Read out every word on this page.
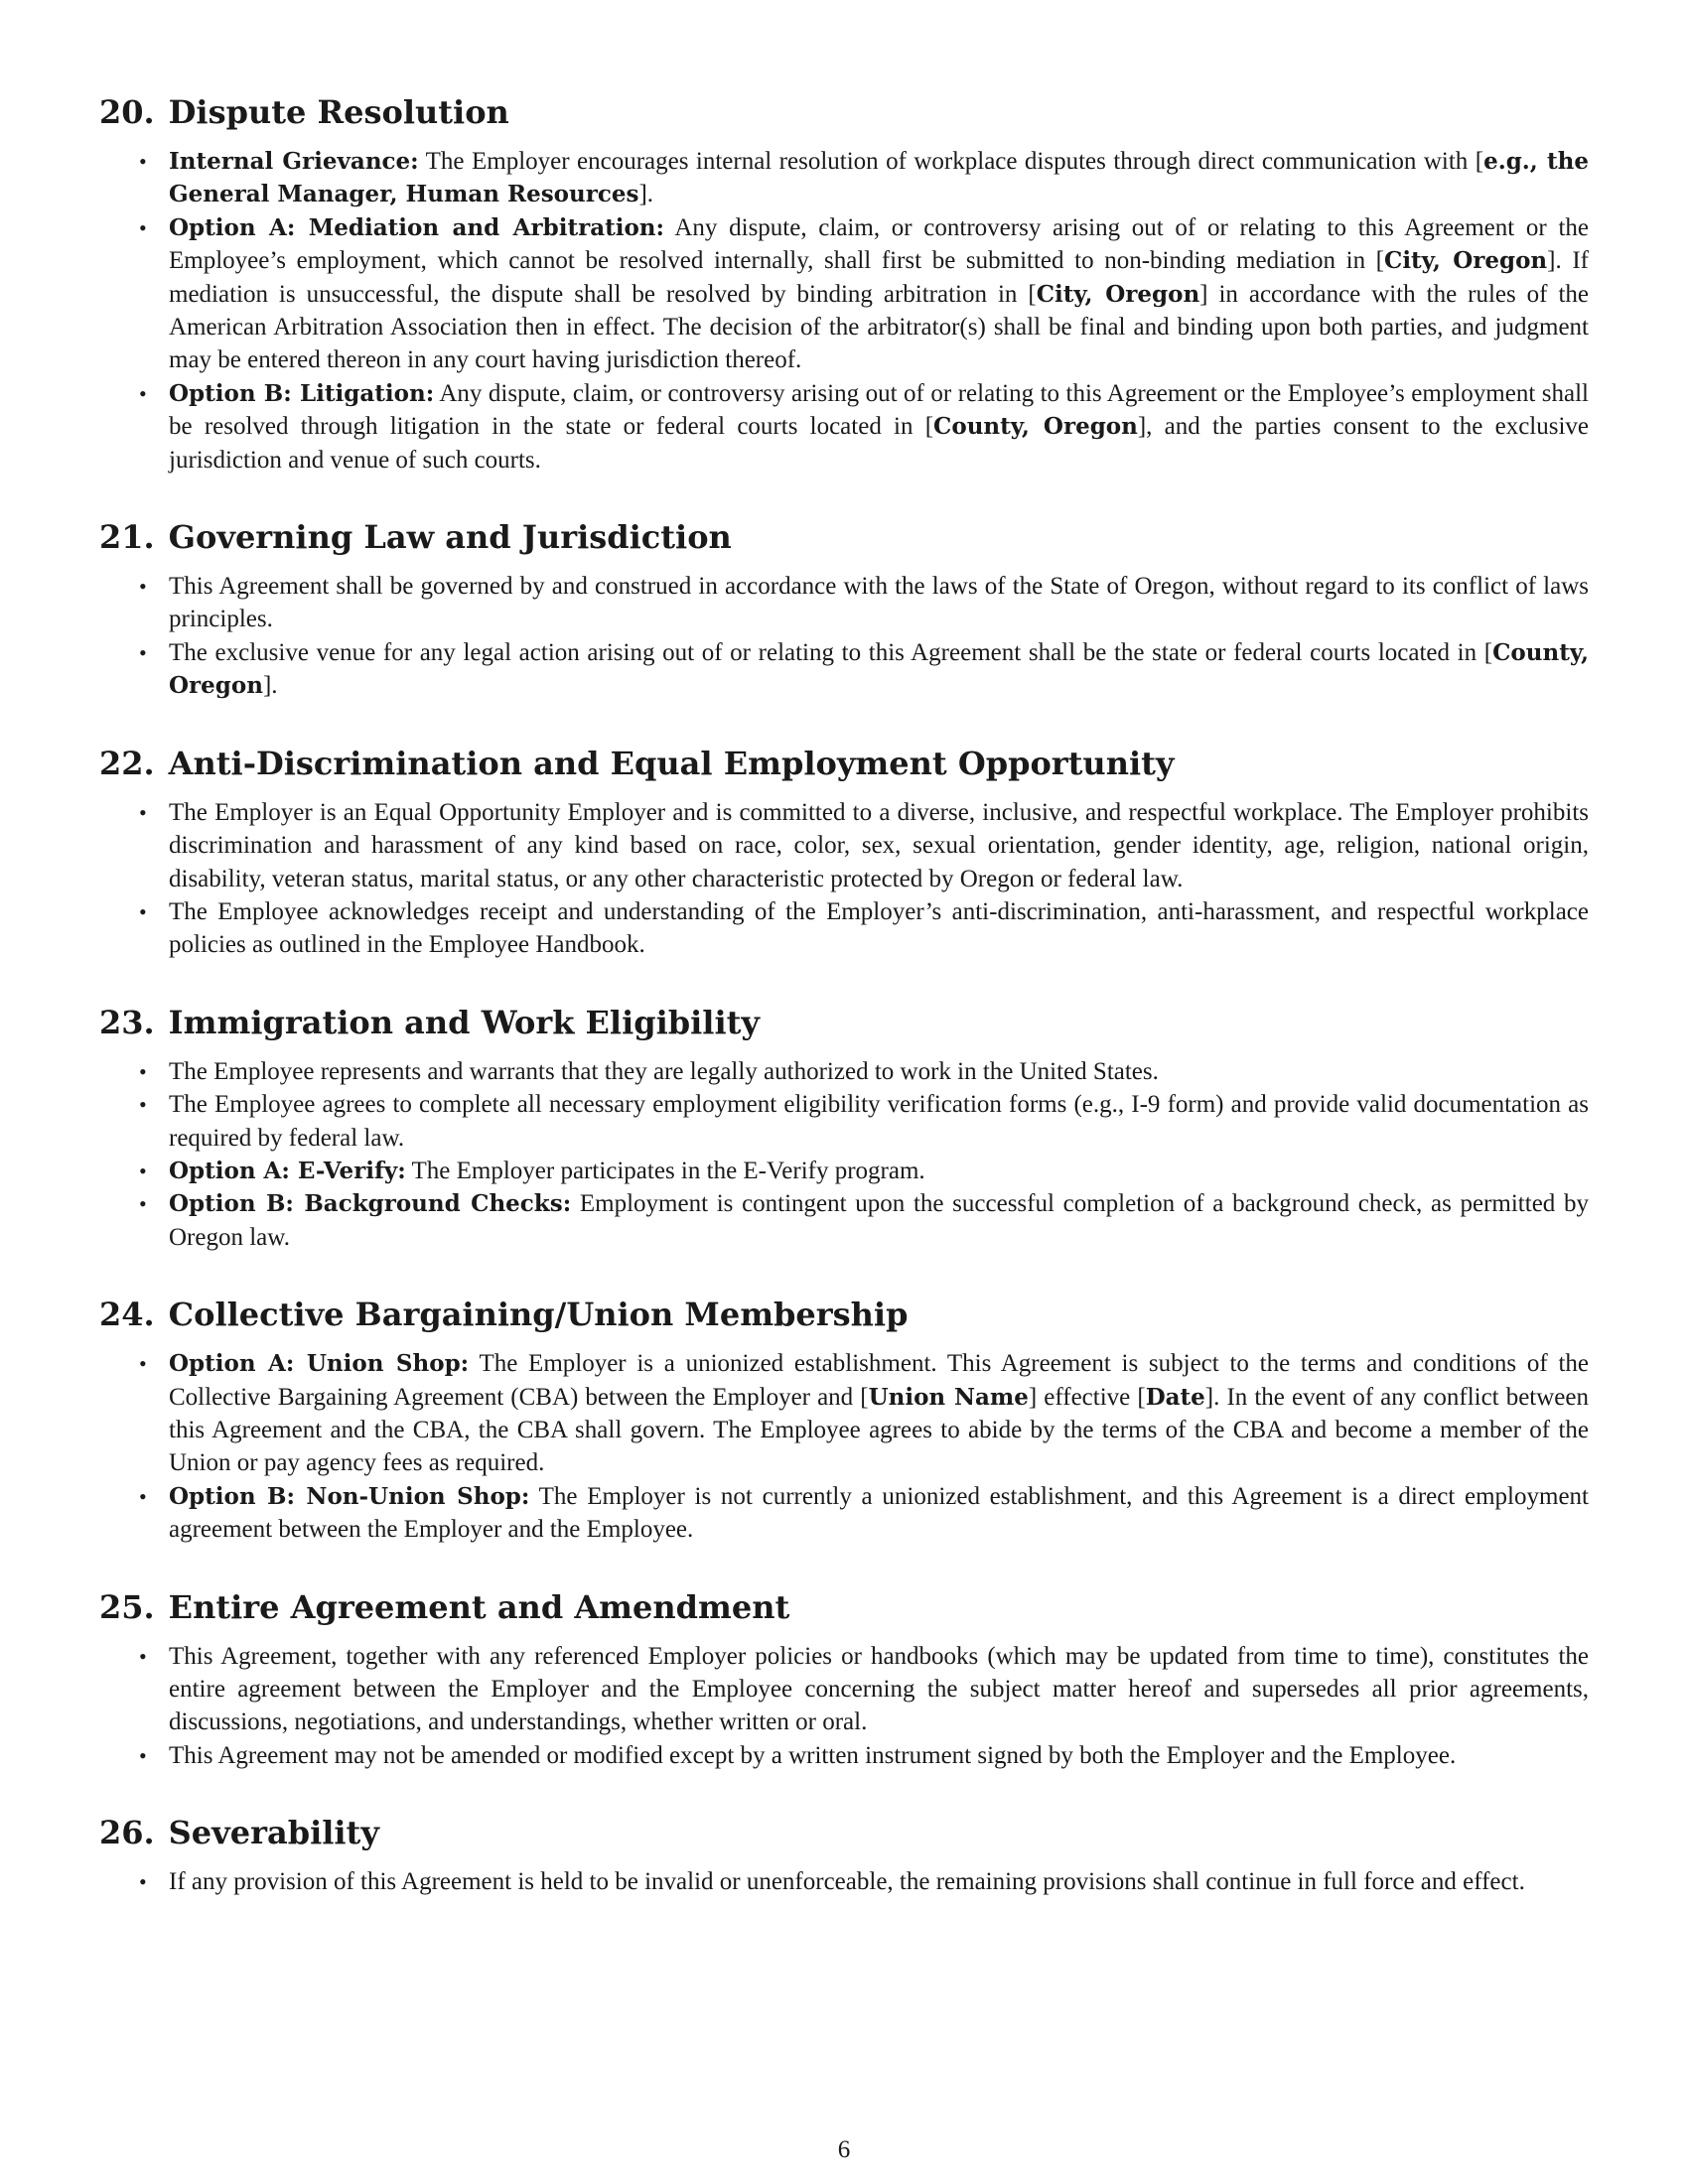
20. Dispute Resolution
• Internal Grievance: The Employer encourages internal resolution of workplace disputes through direct communication with [e.g., the General Manager, Human Resources].
• Option A: Mediation and Arbitration: Any dispute, claim, or controversy arising out of or relating to this Agreement or the Employee’s employment, which cannot be resolved internally, shall first be submitted to non-binding mediation in [City, Oregon]. If mediation is unsuccessful, the dispute shall be resolved by binding arbitration in [City, Oregon] in accordance with the rules of the American Arbitration Association then in effect. The decision of the arbitrator(s) shall be final and binding upon both parties, and judgment may be entered thereon in any court having jurisdiction thereof.
• Option B: Litigation: Any dispute, claim, or controversy arising out of or relating to this Agreement or the Employee’s employment shall be resolved through litigation in the state or federal courts located in [County, Oregon], and the parties consent to the exclusive jurisdiction and venue of such courts.
21. Governing Law and Jurisdiction
• This Agreement shall be governed by and construed in accordance with the laws of the State of Oregon, without regard to its conflict of laws principles.
• The exclusive venue for any legal action arising out of or relating to this Agreement shall be the state or federal courts located in [County, Oregon].
22. Anti-Discrimination and Equal Employment Opportunity
• The Employer is an Equal Opportunity Employer and is committed to a diverse, inclusive, and respectful workplace. The Employer prohibits discrimination and harassment of any kind based on race, color, sex, sexual orientation, gender identity, age, religion, national origin, disability, veteran status, marital status, or any other characteristic protected by Oregon or federal law.
• The Employee acknowledges receipt and understanding of the Employer’s anti-discrimination, anti-harassment, and respectful workplace policies as outlined in the Employee Handbook.
23. Immigration and Work Eligibility
• The Employee represents and warrants that they are legally authorized to work in the United States.
• The Employee agrees to complete all necessary employment eligibility verification forms (e.g., I-9 form) and provide valid documentation as required by federal law.
• Option A: E-Verify: The Employer participates in the E-Verify program.
• Option B: Background Checks: Employment is contingent upon the successful completion of a background check, as permitted by Oregon law.
24. Collective Bargaining/Union Membership
• Option A: Union Shop: The Employer is a unionized establishment. This Agreement is subject to the terms and conditions of the Collective Bargaining Agreement (CBA) between the Employer and [Union Name] effective [Date]. In the event of any conflict between this Agreement and the CBA, the CBA shall govern. The Employee agrees to abide by the terms of the CBA and become a member of the Union or pay agency fees as required.
• Option B: Non-Union Shop: The Employer is not currently a unionized establishment, and this Agreement is a direct employment agreement between the Employer and the Employee.
25. Entire Agreement and Amendment
• This Agreement, together with any referenced Employer policies or handbooks (which may be updated from time to time), constitutes the entire agreement between the Employer and the Employee concerning the subject matter hereof and supersedes all prior agreements, discussions, negotiations, and understandings, whether written or oral.
• This Agreement may not be amended or modified except by a written instrument signed by both the Employer and the Employee.
26. Severability
• If any provision of this Agreement is held to be invalid or unenforceable, the remaining provisions shall continue in full force and effect.
6
